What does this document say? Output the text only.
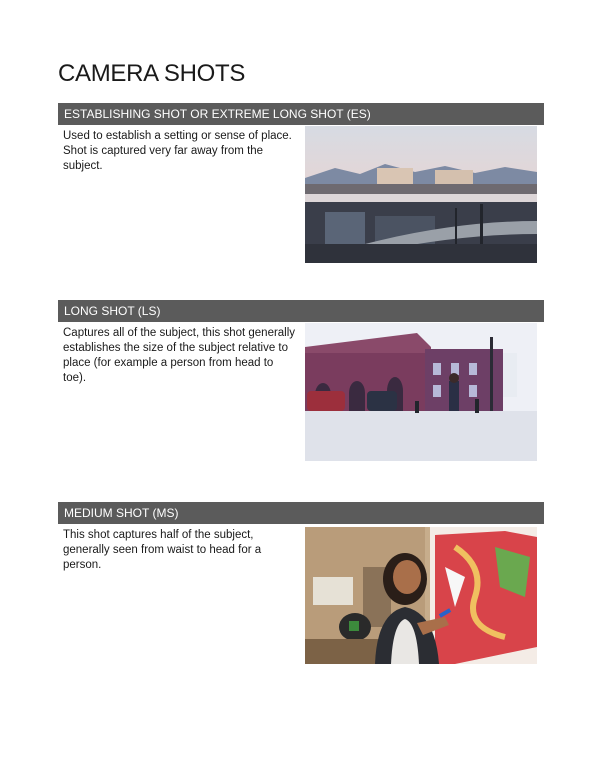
CAMERA SHOTS
ESTABLISHING SHOT OR EXTREME LONG SHOT (ES)

Used to establish a setting or sense of place. Shot is captured very far away from the subject.

LONG SHOT (LS)

Captures all of the subject, this shot generally establishes the size of the subject relative to place (for example a person from head to toe).

MEDIUM SHOT (MS)

This shot captures half of the subject, generally seen from waist to head for a person.
